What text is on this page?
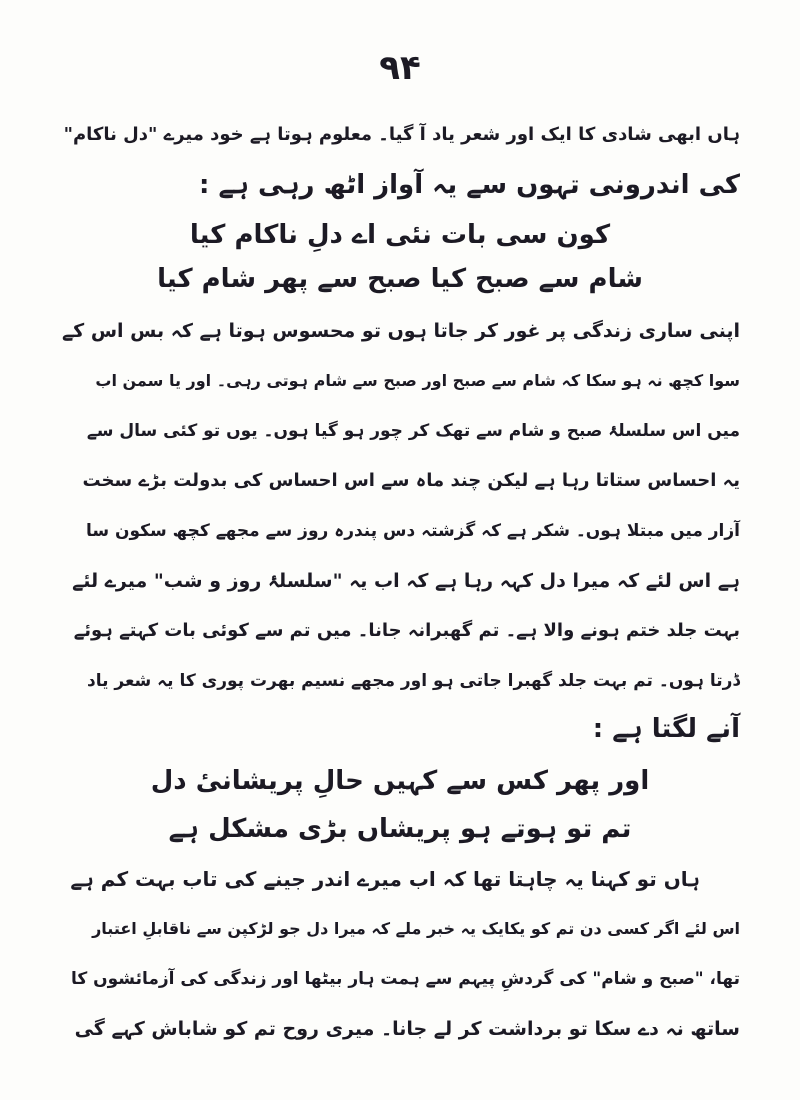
۹۴
ہاں ابھی شادی کا ایک اور شعر یاد آ گیا۔ معلوم ہوتا ہے خود میرے "دل ناکام"
کی اندرونی تہوں سے یہ آواز اٹھ رہی ہے :
کون سی بات نئی اے دلِ ناکام کیا
شام سے صبح کیا صبح سے پھر شام کیا
اپنی ساری زندگی پر غور کر جاتا ہوں تو محسوس ہوتا ہے کہ بس اس کے
سوا کچھ نہ ہو سکا کہ شام سے صبح اور صبح سے شام ہوتی رہی۔ اور یا سمن اب
میں اس سلسلۂ صبح و شام سے تھک کر چور ہو گیا ہوں۔ یوں تو کئی سال سے
یہ احساس ستاتا رہا ہے لیکن چند ماہ سے اس احساس کی بدولت بڑے سخت
آزار میں مبتلا ہوں۔ شکر ہے کہ گزشتہ دس پندرہ روز سے مجھے کچھ سکون سا
ہے اس لئے کہ میرا دل کہہ رہا ہے کہ اب یہ "سلسلۂ روز و شب" میرے لئے
بہت جلد ختم ہونے والا ہے۔ تم گھبرانہ جانا۔ میں تم سے کوئی بات کہتے ہوئے
ڈرتا ہوں۔ تم بہت جلد گھبرا جاتی ہو اور مجھے نسیم بھرت پوری کا یہ شعر یاد
آنے لگتا ہے :
اور پھر کس سے کہیں حالِ پریشانیٔ دل
تم تو ہوتے ہو پریشاں بڑی مشکل ہے
ہاں تو کہنا یہ چاہتا تھا کہ اب میرے اندر جینے کی تاب بہت کم ہے
اس لئے اگر کسی دن تم کو یکایک یہ خبر ملے کہ میرا دل جو لڑکپن سے ناقابلِ اعتبار
تھا، "صبح و شام" کی گردشِ پیہم سے ہمت ہار بیٹھا اور زندگی کی آزمائشوں کا
ساتھ نہ دے سکا تو برداشت کر لے جانا۔ میری روح تم کو شاباش کہے گی
